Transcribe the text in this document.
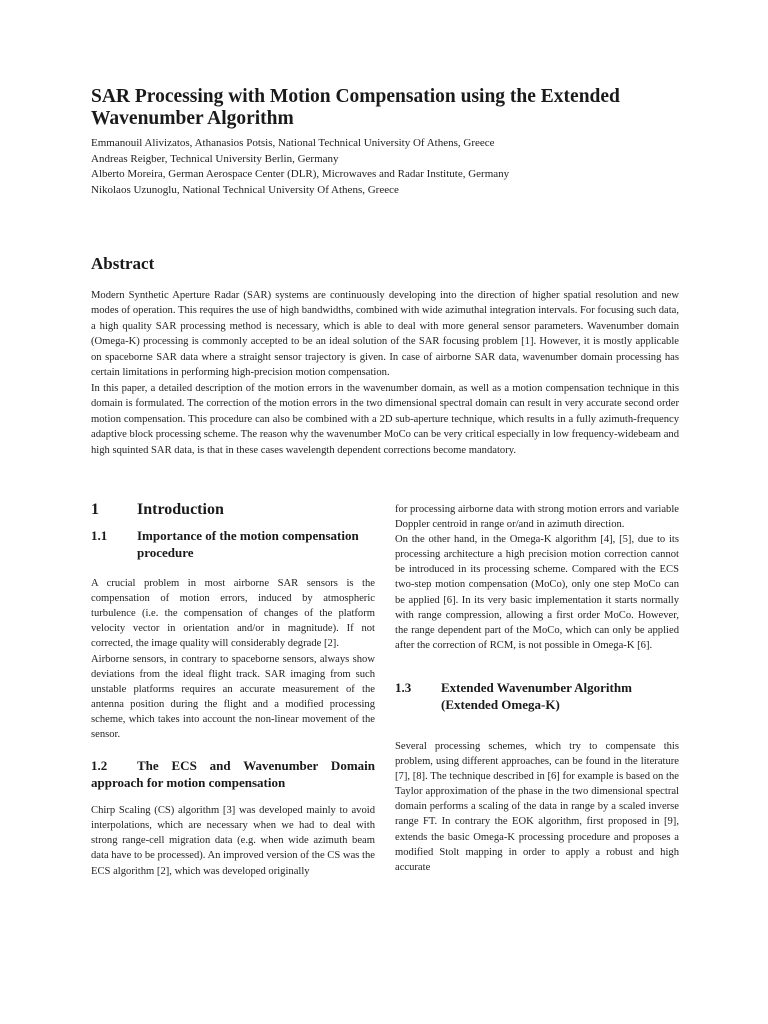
SAR Processing with Motion Compensation using the Extended Wavenumber Algorithm
Emmanouil Alivizatos, Athanasios Potsis, National Technical University Of Athens, Greece
Andreas Reigber, Technical University Berlin, Germany
Alberto Moreira, German Aerospace Center (DLR), Microwaves and Radar Institute, Germany
Nikolaos Uzunoglu, National Technical University Of Athens, Greece
Abstract

Modern Synthetic Aperture Radar (SAR) systems are continuously developing into the direction of higher spatial resolution and new modes of operation. This requires the use of high bandwidths, combined with wide azimuthal integration intervals. For focusing such data, a high quality SAR processing method is necessary, which is able to deal with more general sensor parameters. Wavenumber domain (Omega-K) processing is commonly accepted to be an ideal solution of the SAR focusing problem [1]. However, it is mostly applicable on spaceborne SAR data where a straight sensor trajectory is given. In case of airborne SAR data, wavenumber domain processing has certain limitations in performing high-precision motion compensation.

In this paper, a detailed description of the motion errors in the wavenumber domain, as well as a motion compensation technique in this domain is formulated. The correction of the motion errors in the two dimensional spectral domain can result in very accurate second order motion compensation. This procedure can also be combined with a 2D sub-aperture technique, which results in a fully azimuth-frequency adaptive block processing scheme. The reason why the wavenumber MoCo can be very critical especially in low frequency-widebeam and high squinted SAR data, is that in these cases wavelength dependent corrections become mandatory.

1	Introduction
1.1	Importance of the motion compensation procedure

A crucial problem in most airborne SAR sensors is the compensation of motion errors, induced by atmospheric turbulence (i.e. the compensation of changes of the platform velocity vector in orientation and/or in magnitude). If not corrected, the image quality will considerably degrade [2].

Airborne sensors, in contrary to spaceborne sensors, always show deviations from the ideal flight track. SAR imaging from such unstable platforms requires an accurate measurement of the antenna position during the flight and a modified processing scheme, which takes into account the non-linear movement of the sensor.

1.2 The ECS and Wavenumber Domain approach for motion compensation

Chirp Scaling (CS) algorithm [3] was developed mainly to avoid interpolations, which are necessary when we had to deal with strong range-cell migration data (e.g. when wide azimuth beam data have to be processed). An improved version of the CS was the ECS algorithm [2], which was developed originally

for processing airborne data with strong motion errors and variable Doppler centroid in range or/and in azimuth direction.

On the other hand, in the Omega-K algorithm [4], [5], due to its processing architecture a high precision motion correction cannot be introduced in its processing scheme. Compared with the ECS two-step motion compensation (MoCo), only one step MoCo can be applied [6]. In its very basic implementation it starts normally with range compression, allowing a first order MoCo. However, the range dependent part of the MoCo, which can only be applied after the correction of RCM, is not possible in Omega-K [6].

1.3	Extended Wavenumber Algorithm (Extended Omega-K)

Several processing schemes, which try to compensate this problem, using different approaches, can be found in the literature [7], [8]. The technique described in [6] for example is based on the Taylor approximation of the phase in the two dimensional spectral domain performs a scaling of the data in range by a scaled inverse range FT. In contrary the EOK algorithm, first proposed in [9], extends the basic Omega-K processing procedure and proposes a modified Stolt mapping in order to apply a robust and high accurate
